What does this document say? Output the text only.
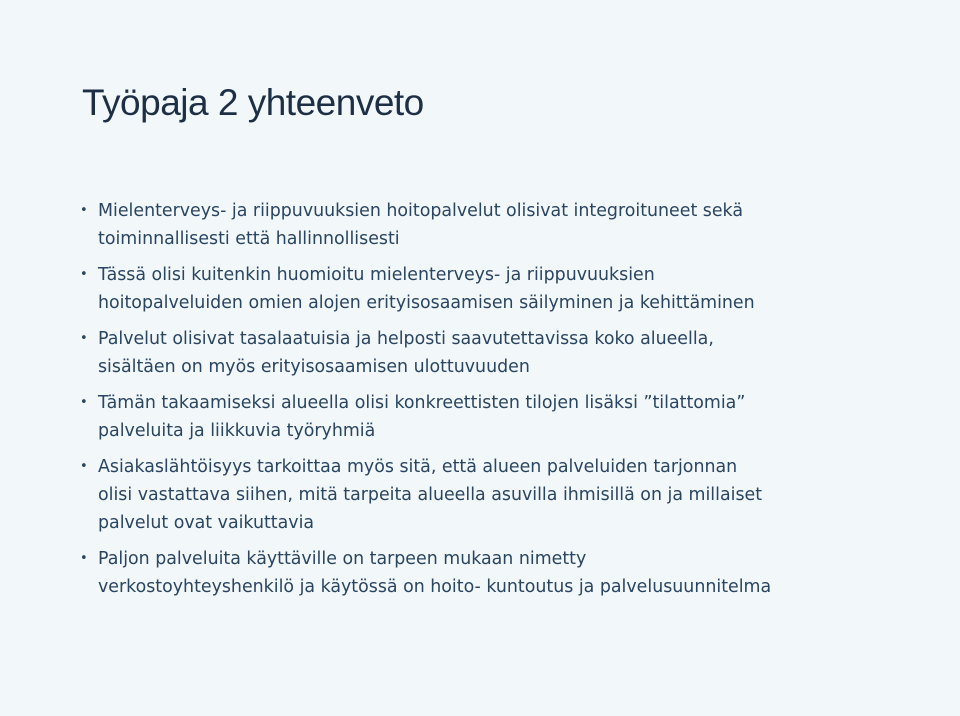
Työpaja 2 yhteenveto
• Mielenterveys- ja riippuvuuksien hoitopalvelut olisivat integroituneet sekä
toiminnallisesti että hallinnollisesti
• Tässä olisi kuitenkin huomioitu mielenterveys- ja riippuvuuksien
hoitopalveluiden omien alojen erityisosaamisen säilyminen ja kehittäminen
• Palvelut olisivat tasalaatuisia ja helposti saavutettavissa koko alueella,
sisältäen on myös erityisosaamisen ulottuvuuden
• Tämän takaamiseksi alueella olisi konkreettisten tilojen lisäksi ”tilattomia”
palveluita ja liikkuvia työryhmiä
• Asiakaslähtöisyys tarkoittaa myös sitä, että alueen palveluiden tarjonnan
olisi vastattava siihen, mitä tarpeita alueella asuvilla ihmisillä on ja millaiset
palvelut ovat vaikuttavia
• Paljon palveluita käyttäville on tarpeen mukaan nimetty
verkostoyhteyshenkilö ja käytössä on hoito- kuntoutus ja palvelusuunnitelma
